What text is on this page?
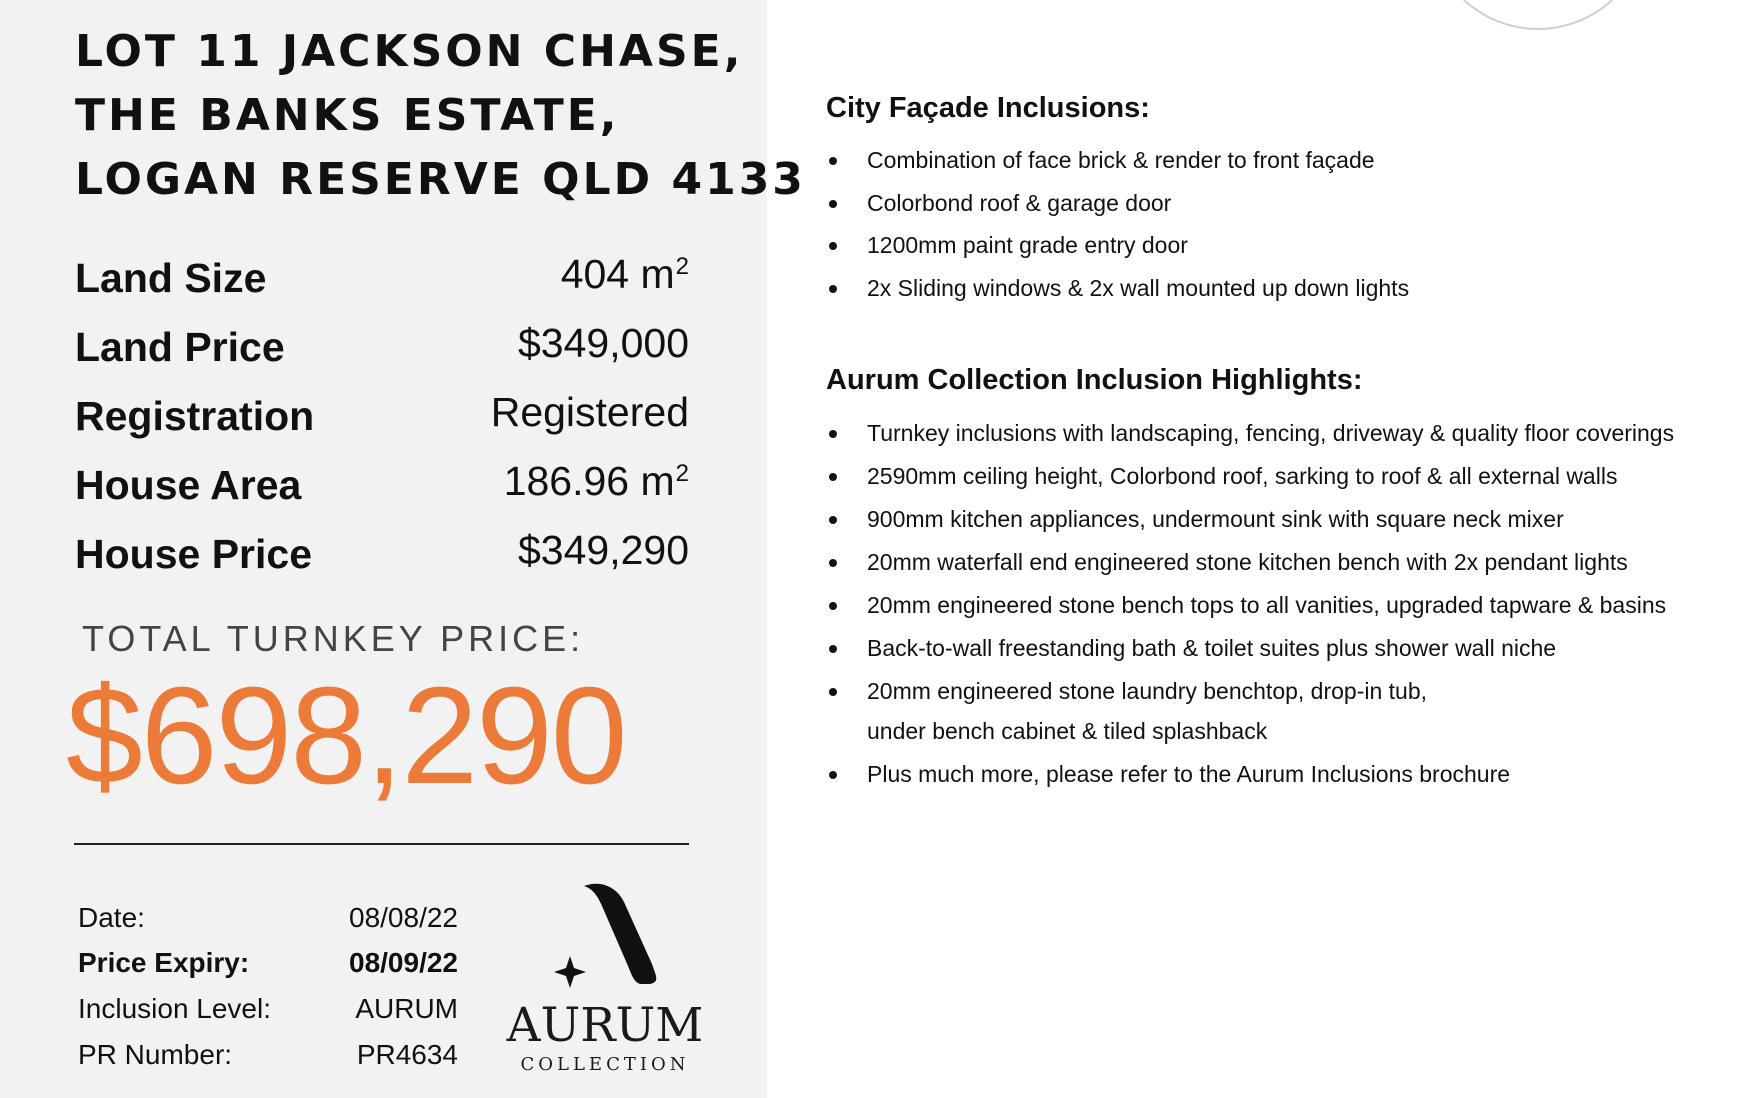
LOT 11 JACKSON CHASE,
THE BANKS ESTATE,
LOGAN RESERVE QLD 4133
Land Size	404 $m^2$
Land Price	$349,000
Registration	Registered
House Area	186.96 $m^2$
House Price	$349,290
TOTAL TURNKEY PRICE:
$698,290
Date:	08/08/22
Price Expiry:	08/09/22
Inclusion Level:	AURUM
PR Number:	PR4634
AURUM
COLLECTION
City Façade Inclusions:
Combination of face brick & render to front façade
Colorbond roof & garage door
1200mm paint grade entry door
2x Sliding windows & 2x wall mounted up down lights
Aurum Collection Inclusion Highlights:
Turnkey inclusions with landscaping, fencing, driveway & quality floor coverings
2590mm ceiling height, Colorbond roof, sarking to roof & all external walls
900mm kitchen appliances, undermount sink with square neck mixer
20mm waterfall end engineered stone kitchen bench with 2x pendant lights
20mm engineered stone bench tops to all vanities, upgraded tapware & basins
Back-to-wall freestanding bath & toilet suites plus shower wall niche
20mm engineered stone laundry benchtop, drop-in tub,
under bench cabinet & tiled splashback
Plus much more, please refer to the Aurum Inclusions brochure
